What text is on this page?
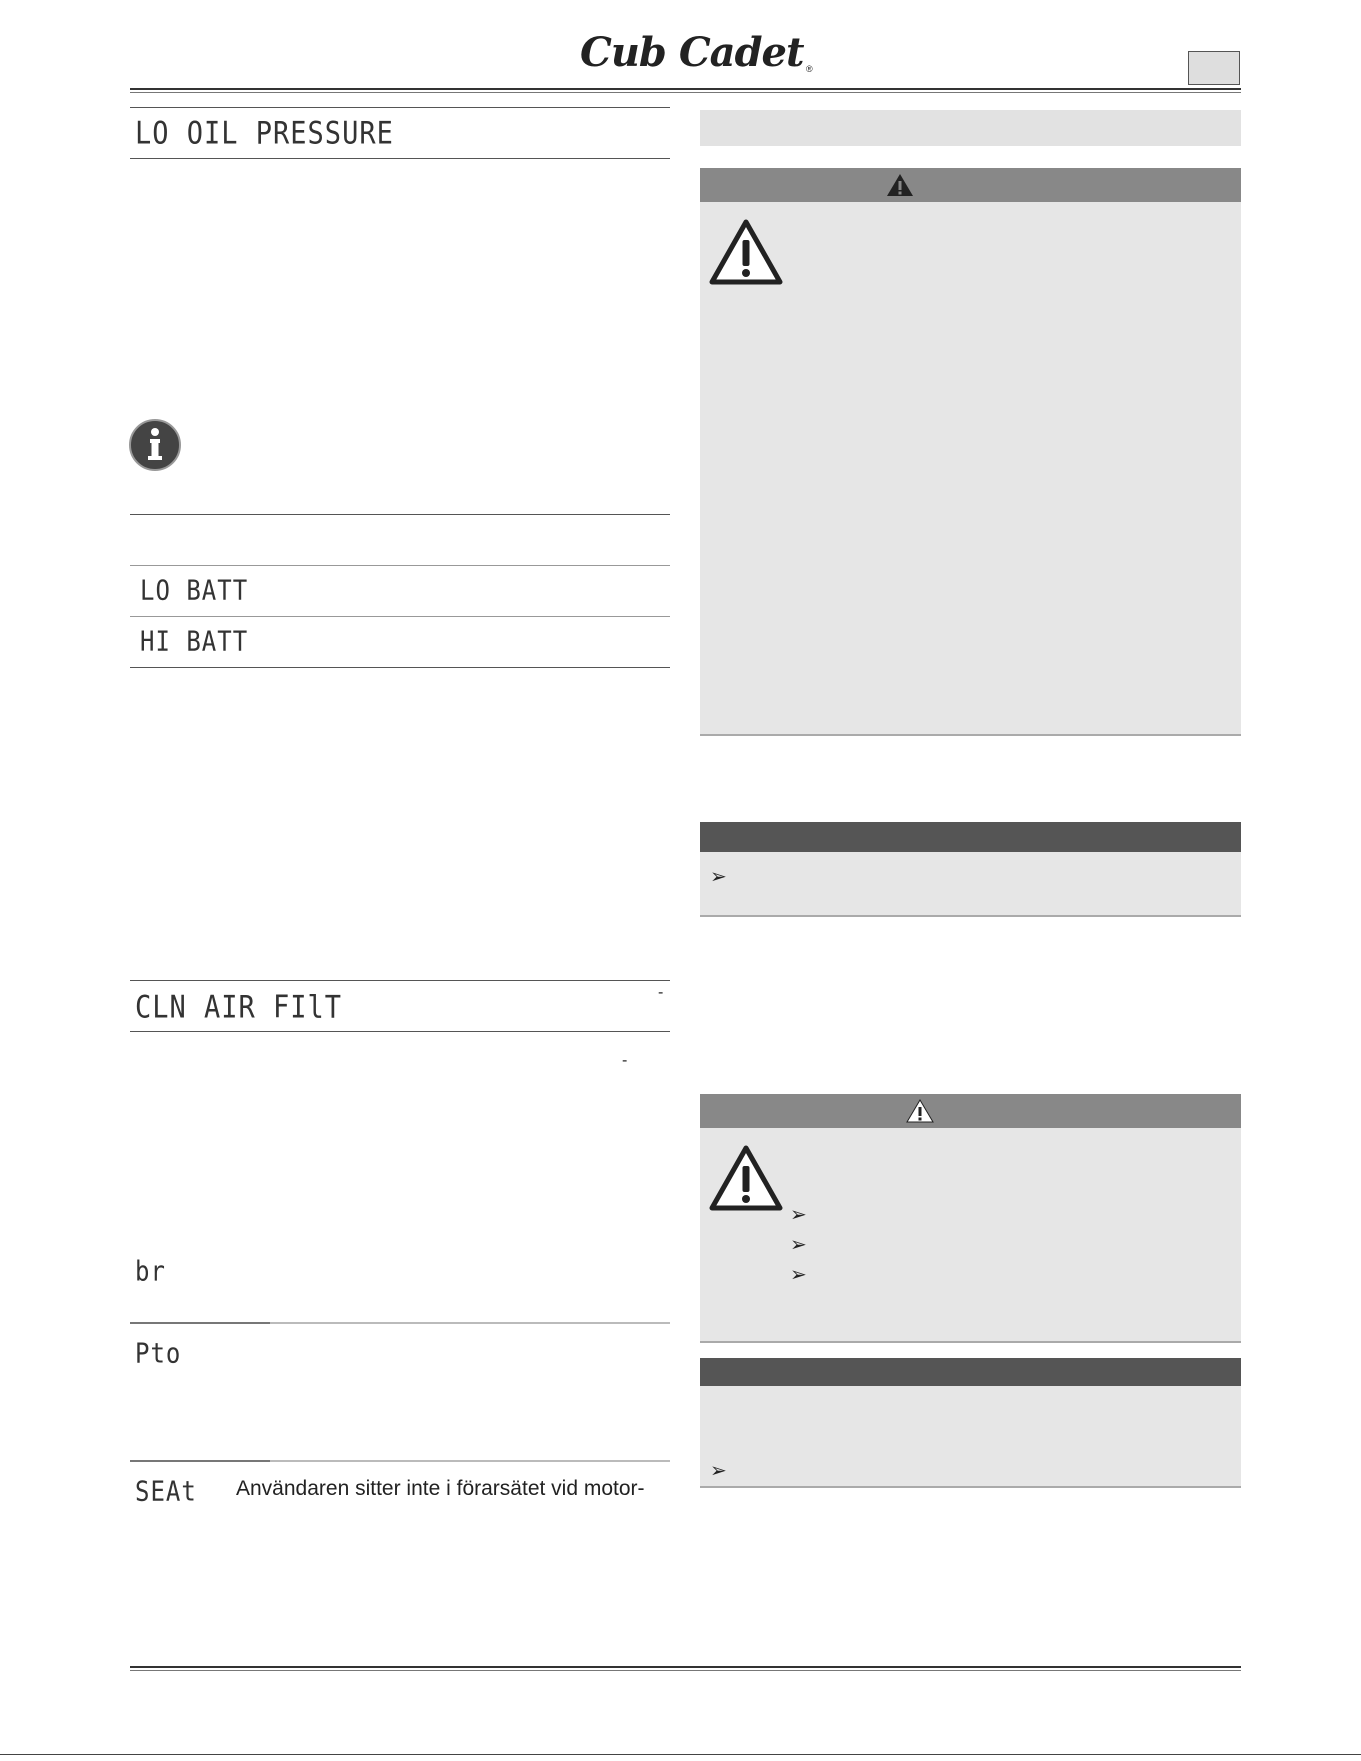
Cub Cadet ®
LO OIL PRESSURE
LO BATT
HI BATT
CLN AIR FIlT	-
-
br
Pto
SEAt Användaren sitter inte i förarsätet vid motor-
➢
➢
➢
➢
➢
